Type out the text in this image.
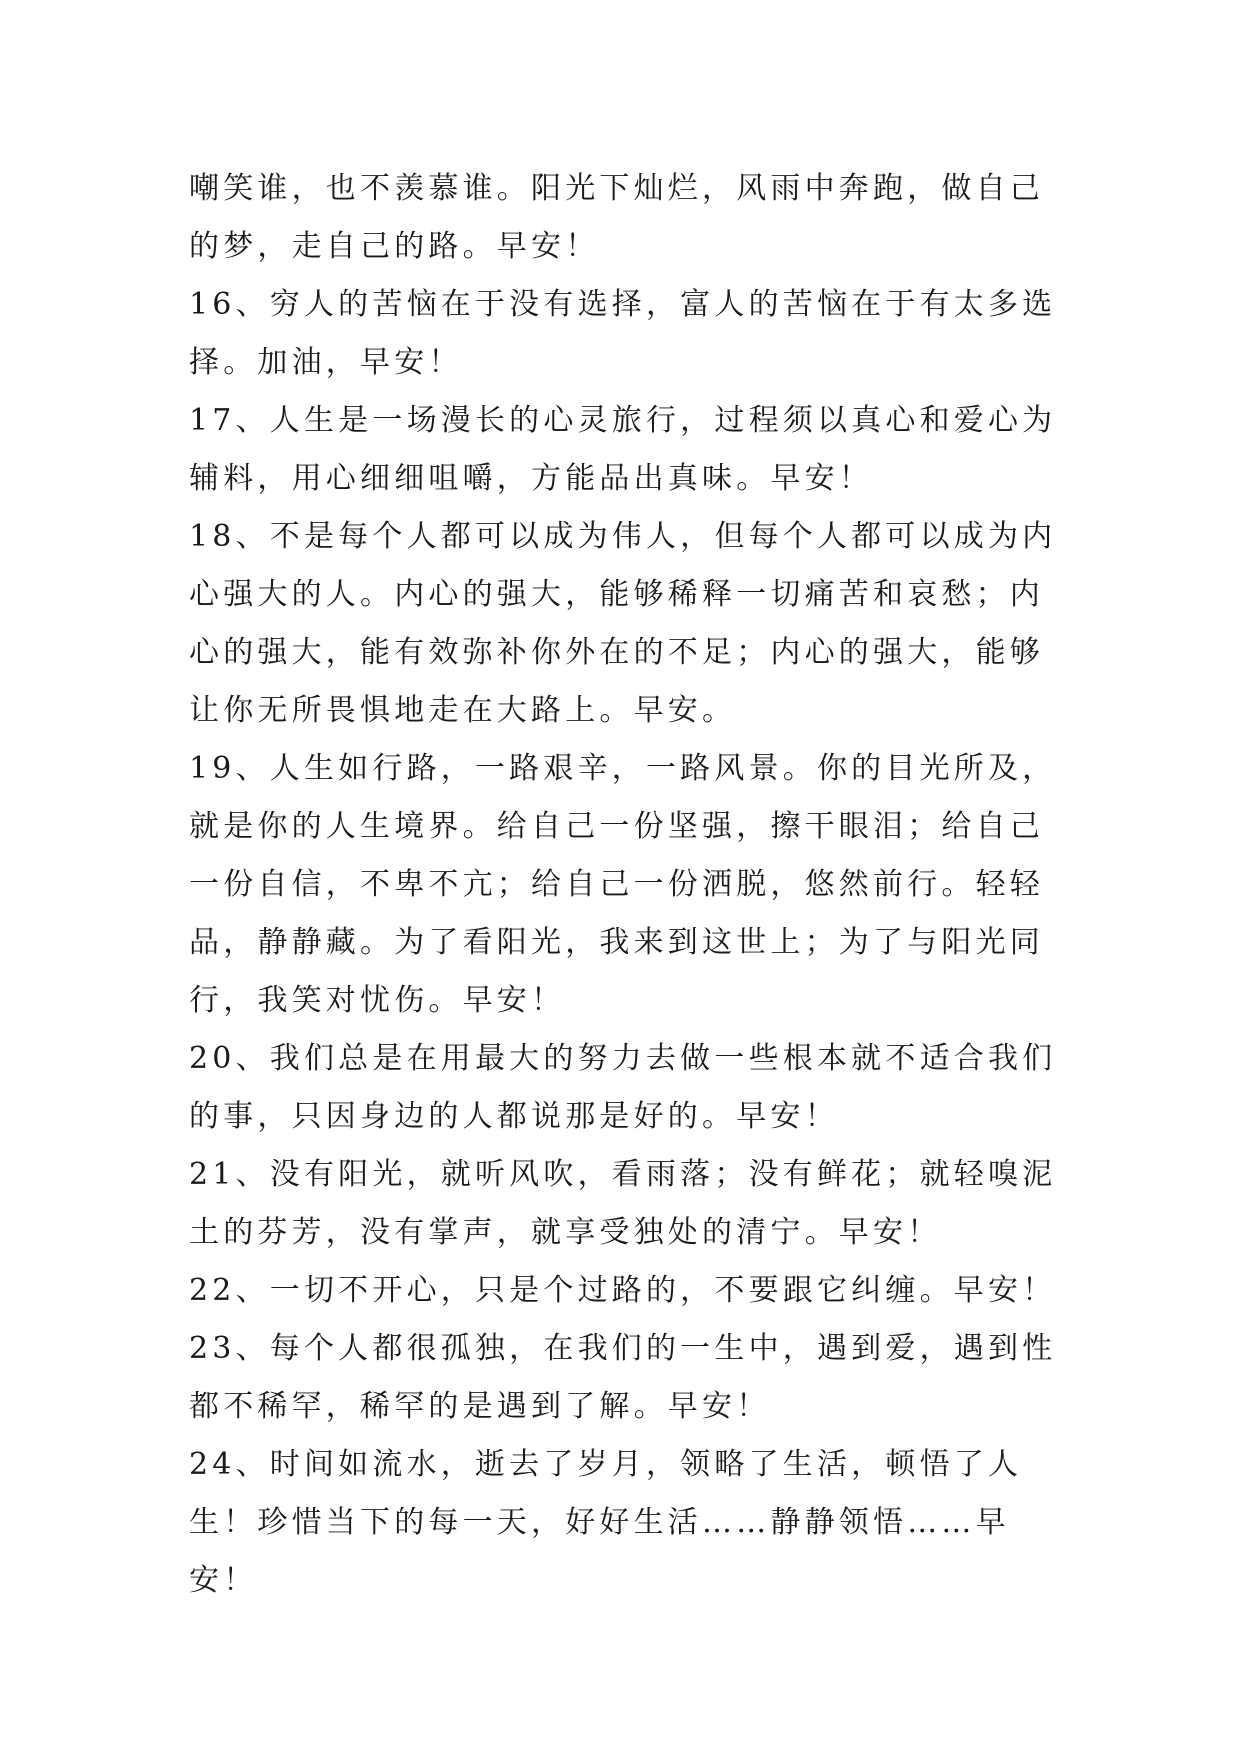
嘲笑谁，也不羡慕谁。阳光下灿烂，风雨中奔跑，做自己的梦，走自己的路。早安！

16、穷人的苦恼在于没有选择，富人的苦恼在于有太多选择。加油，早安！

17、人生是一场漫长的心灵旅行，过程须以真心和爱心为辅料，用心细细咀嚼，方能品出真味。早安！

18、不是每个人都可以成为伟人，但每个人都可以成为内心强大的人。内心的强大，能够稀释一切痛苦和哀愁；内心的强大，能有效弥补你外在的不足；内心的强大，能够让你无所畏惧地走在大路上。早安。

19、人生如行路，一路艰辛，一路风景。你的目光所及，就是你的人生境界。给自己一份坚强，擦干眼泪；给自己一份自信，不卑不亢；给自己一份洒脱，悠然前行。轻轻品，静静藏。为了看阳光，我来到这世上；为了与阳光同行，我笑对忧伤。早安！

20、我们总是在用最大的努力去做一些根本就不适合我们的事，只因身边的人都说那是好的。早安！

21、没有阳光，就听风吹，看雨落；没有鲜花；就轻嗅泥土的芬芳，没有掌声，就享受独处的清宁。早安！

22、一切不开心，只是个过路的，不要跟它纠缠。早安！

23、每个人都很孤独，在我们的一生中，遇到爱，遇到性都不稀罕，稀罕的是遇到了解。早安！

24、时间如流水，逝去了岁月，领略了生活，顿悟了人生！珍惜当下的每一天，好好生活……静静领悟……早安！
